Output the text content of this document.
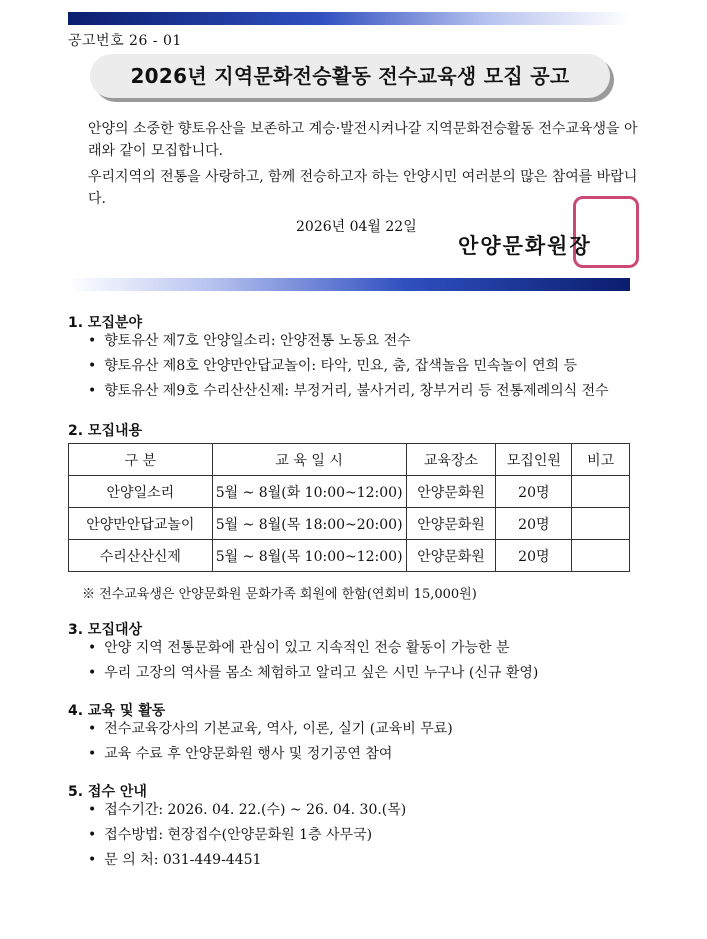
공고번호 26 - 01
2026년 지역문화전승활동 전수교육생 모집 공고
안양의 소중한 향토유산을 보존하고 계승·발전시켜나갈 지역문화전승활동 전수교육생을 아래와 같이 모집합니다.
우리지역의 전통을 사랑하고, 함께 전승하고자 하는 안양시민 여러분의 많은 참여를 바랍니다.
2026년 04월 22일
안양문화원장
1. 모집분야
• 향토유산 제7호 안양일소리: 안양전통 노동요 전수
• 향토유산 제8호 안양만안답교놀이: 타악, 민요, 춤, 잡색놀음 민속놀이 연희 등
• 향토유산 제9호 수리산산신제: 부정거리, 불사거리, 창부거리 등 전통제례의식 전수
2. 모집내용
구 분	교 육 일 시	교육장소	모집인원	비고
안양일소리	5월 ~ 8월(화 10:00~12:00)	안양문화원	20명	
안양만안답교놀이	5월 ~ 8월(목 18:00~20:00)	안양문화원	20명	
수리산산신제	5월 ~ 8월(목 10:00~12:00)	안양문화원	20명	
※ 전수교육생은 안양문화원 문화가족 회원에 한함(연회비 15,000원)
3. 모집대상
• 안양 지역 전통문화에 관심이 있고 지속적인 전승 활동이 가능한 분
• 우리 고장의 역사를 몸소 체험하고 알리고 싶은 시민 누구나 (신규 환영)
4. 교육 및 활동
• 전수교육강사의 기본교육, 역사, 이론, 실기 (교육비 무료)
• 교육 수료 후 안양문화원 행사 및 정기공연 참여
5. 접수 안내
• 접수기간: 2026. 04. 22.(수) ~ 26. 04. 30.(목)
• 접수방법: 현장접수(안양문화원 1층 사무국)
• 문 의 처: 031-449-4451
